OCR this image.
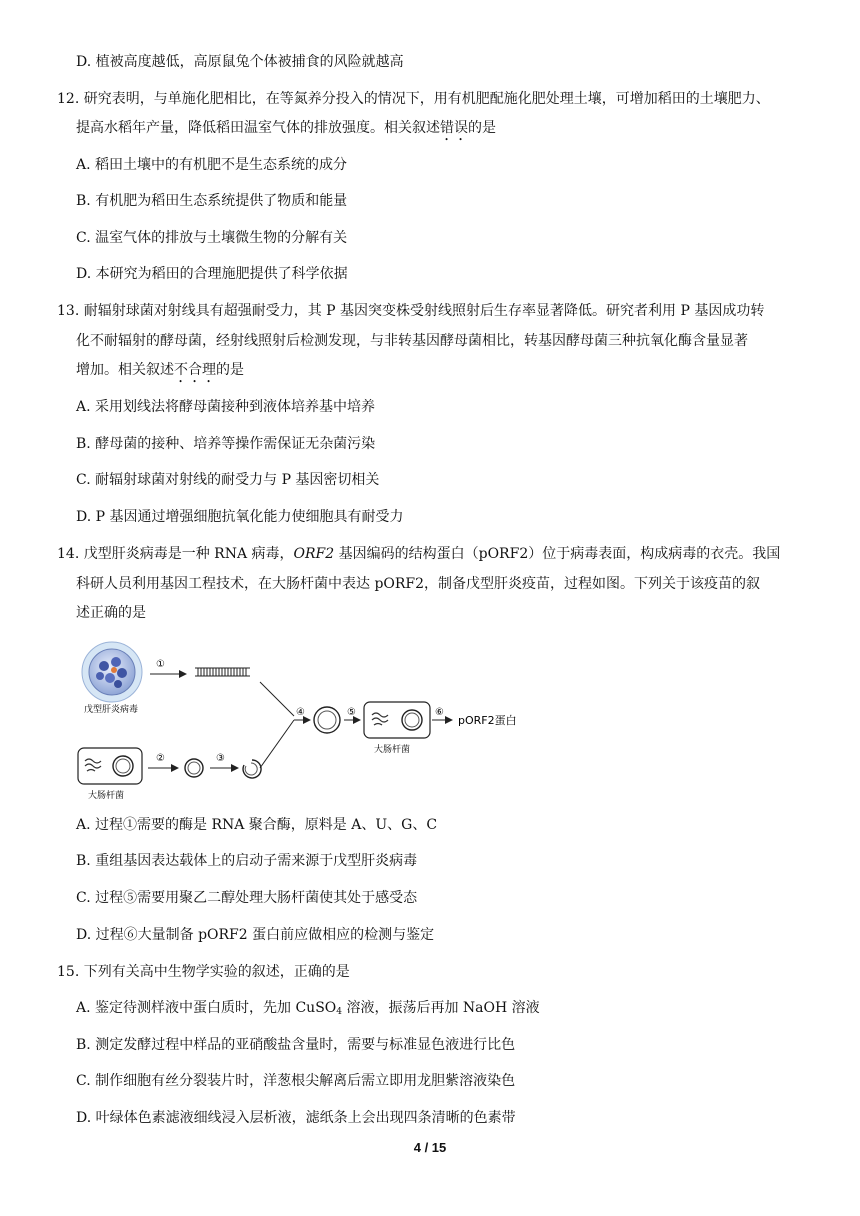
D. 植被高度越低，高原鼠兔个体被捕食的风险就越高
12. 研究表明，与单施化肥相比，在等氮养分投入的情况下，用有机肥配施化肥处理土壤，可增加稻田的土壤肥力、
提高水稻年产量，降低稻田温室气体的排放强度。相关叙述错误的是
A. 稻田土壤中的有机肥不是生态系统的成分
B. 有机肥为稻田生态系统提供了物质和能量
C. 温室气体的排放与土壤微生物的分解有关
D. 本研究为稻田的合理施肥提供了科学依据
13. 耐辐射球菌对射线具有超强耐受力，其 P 基因突变株受射线照射后生存率显著降低。研究者利用 P 基因成功转
化不耐辐射的酵母菌，经射线照射后检测发现，与非转基因酵母菌相比，转基因酵母菌三种抗氧化酶含量显著
增加。相关叙述不合理的是
A. 采用划线法将酵母菌接种到液体培养基中培养
B. 酵母菌的接种、培养等操作需保证无杂菌污染
C. 耐辐射球菌对射线的耐受力与 P 基因密切相关
D. P 基因通过增强细胞抗氧化能力使细胞具有耐受力
14. 戊型肝炎病毒是一种 RNA 病毒，ORF2 基因编码的结构蛋白（pORF2）位于病毒表面，构成病毒的衣壳。我国
科研人员利用基因工程技术，在大肠杆菌中表达 pORF2，制备戊型肝炎疫苗，过程如图。下列关于该疫苗的叙
述正确的是
戊型肝炎病毒
①
④	⑤
大肠杆菌
⑥
pORF2蛋白
大肠杆菌
②	③
A. 过程①需要的酶是 RNA 聚合酶，原料是 A、U、G、C
B. 重组基因表达载体上的启动子需来源于戊型肝炎病毒
C. 过程⑤需要用聚乙二醇处理大肠杆菌使其处于感受态
D. 过程⑥大量制备 pORF2 蛋白前应做相应的检测与鉴定
15. 下列有关高中生物学实验的叙述，正确的是
A. 鉴定待测样液中蛋白质时，先加 CuSO$_4$ 溶液，振荡后再加 NaOH 溶液
B. 测定发酵过程中样品的亚硝酸盐含量时，需要与标准显色液进行比色
C. 制作细胞有丝分裂装片时，洋葱根尖解离后需立即用龙胆紫溶液染色
D. 叶绿体色素滤液细线浸入层析液，滤纸条上会出现四条清晰的色素带
4 / 15
